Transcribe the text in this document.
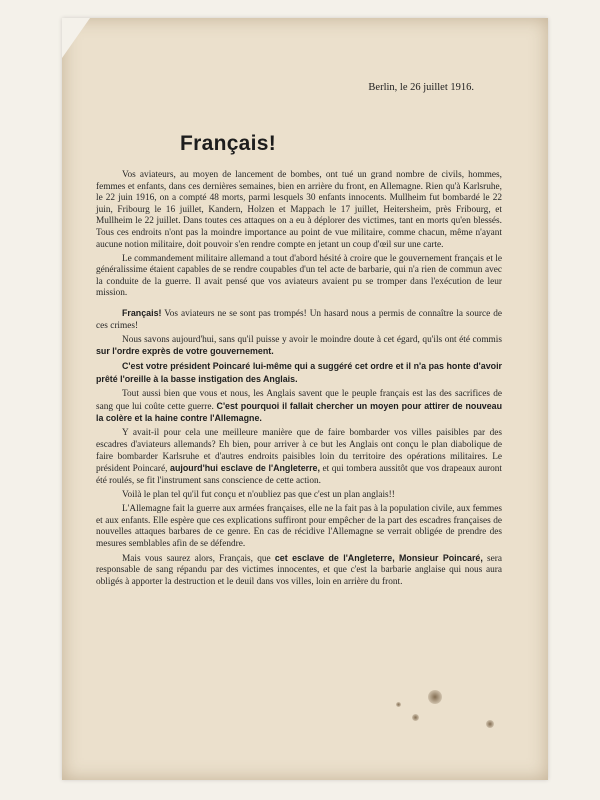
Berlin, le 26 juillet 1916.
Français!

Vos aviateurs, au moyen de lancement de bombes, ont tué un grand nombre de civils, hommes, femmes et enfants, dans ces dernières semaines, bien en arrière du front, en Allemagne. Rien qu'à Karlsruhe, le 22 juin 1916, on a compté 48 morts, parmi lesquels 30 enfants innocents. Mullheim fut bombardé le 22 juin, Fribourg le 16 juillet, Kandern, Holzen et Mappach le 17 juillet, Heitersheim, près Fribourg, et Mullheim le 22 juillet. Dans toutes ces attaques on a eu à déplorer des victimes, tant en morts qu'en blessés. Tous ces endroits n'ont pas la moindre importance au point de vue militaire, comme chacun, même n'ayant aucune notion militaire, doit pouvoir s'en rendre compte en jetant un coup d'œil sur une carte.

Le commandement militaire allemand a tout d'abord hésité à croire que le gouvernement français et le généralissime étaient capables de se rendre coupables d'un tel acte de barbarie, qui n'a rien de commun avec la conduite de la guerre. Il avait pensé que vos aviateurs avaient pu se tromper dans l'exécution de leur mission.

Français! Vos aviateurs ne se sont pas trompés! Un hasard nous a permis de connaître la source de ces crimes!

Nous savons aujourd'hui, sans qu'il puisse y avoir le moindre doute à cet égard, qu'ils ont été commis sur l'ordre exprès de votre gouvernement.

C'est votre président Poincaré lui-même qui a suggéré cet ordre et il n'a pas honte d'avoir prêté l'oreille à la basse instigation des Anglais.

Tout aussi bien que vous et nous, les Anglais savent que le peuple français est las des sacrifices de sang que lui coûte cette guerre. C'est pourquoi il fallait chercher un moyen pour attirer de nouveau la colère et la haine contre l'Allemagne.

Y avait-il pour cela une meilleure manière que de faire bombarder vos villes paisibles par des escadres d'aviateurs allemands? Eh bien, pour arriver à ce but les Anglais ont conçu le plan diabolique de faire bombarder Karlsruhe et d'autres endroits paisibles loin du territoire des opérations militaires. Le président Poincaré, aujourd'hui esclave de l'Angleterre, et qui tombera aussitôt que vos drapeaux auront été roulés, se fit l'instrument sans conscience de cette action.

Voilà le plan tel qu'il fut conçu et n'oubliez pas que c'est un plan anglais!!

L'Allemagne fait la guerre aux armées françaises, elle ne la fait pas à la population civile, aux femmes et aux enfants. Elle espère que ces explications suffiront pour empêcher de la part des escadres françaises de nouvelles attaques barbares de ce genre. En cas de récidive l'Allemagne se verrait obligée de prendre des mesures semblables afin de se défendre.

Mais vous saurez alors, Français, que cet esclave de l'Angleterre, Monsieur Poincaré, sera responsable de sang répandu par des victimes innocentes, et que c'est la barbarie anglaise qui nous aura obligés à apporter la destruction et le deuil dans vos villes, loin en arrière du front.
